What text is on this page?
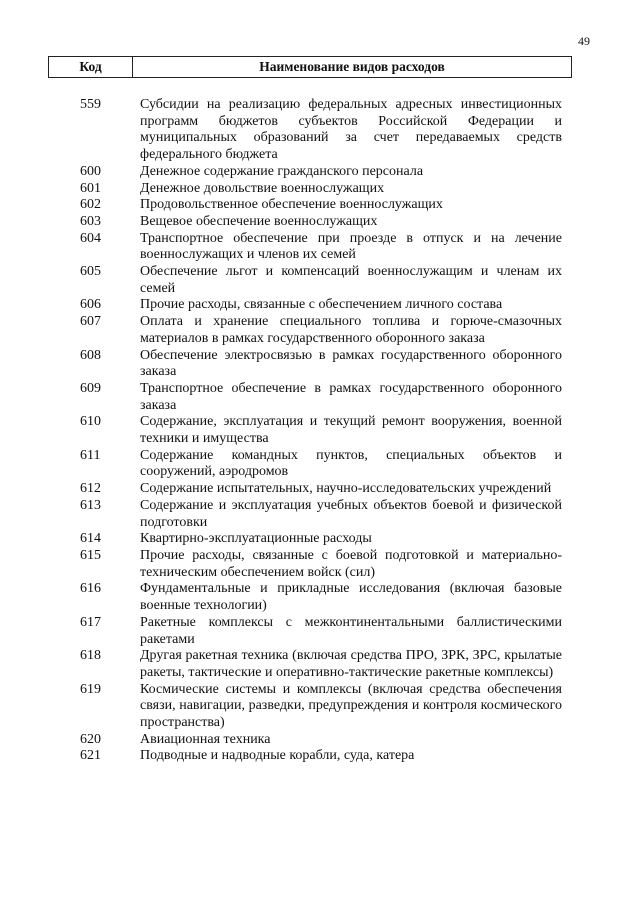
49
Код	Наименование видов расходов
559	Субсидии на реализацию федеральных адресных инвестиционных программ бюджетов субъектов Российской Федерации и муниципальных образований за счет передаваемых средств федерального бюджета
600	Денежное содержание гражданского персонала
601	Денежное довольствие военнослужащих
602	Продовольственное обеспечение военнослужащих
603	Вещевое обеспечение военнослужащих
604	Транспортное обеспечение при проезде в отпуск и на лечение военнослужащих и членов их семей
605	Обеспечение льгот и компенсаций военнослужащим и членам их семей
606	Прочие расходы, связанные с обеспечением личного состава
607	Оплата и хранение специального топлива и горюче-смазочных материалов в рамках государственного оборонного заказа
608	Обеспечение электросвязью в рамках государственного оборонного заказа
609	Транспортное обеспечение в рамках государственного оборонного заказа
610	Содержание, эксплуатация и текущий ремонт вооружения, военной техники и имущества
611	Содержание командных пунктов, специальных объектов и сооружений, аэродромов
612	Содержание испытательных, научно-исследовательских учреждений
613	Содержание и эксплуатация учебных объектов боевой и физической подготовки
614	Квартирно-эксплуатационные расходы
615	Прочие расходы, связанные с боевой подготовкой и материально-техническим обеспечением войск (сил)
616	Фундаментальные и прикладные исследования (включая базовые военные технологии)
617	Ракетные комплексы с межконтинентальными баллистическими ракетами
618	Другая ракетная техника (включая средства ПРО, ЗРК, ЗРС, крылатые ракеты, тактические и оперативно-тактические ракетные комплексы)
619	Космические системы и комплексы (включая средства обеспечения связи, навигации, разведки, предупреждения и контроля космического пространства)
620	Авиационная техника
621	Подводные и надводные корабли, суда, катера
